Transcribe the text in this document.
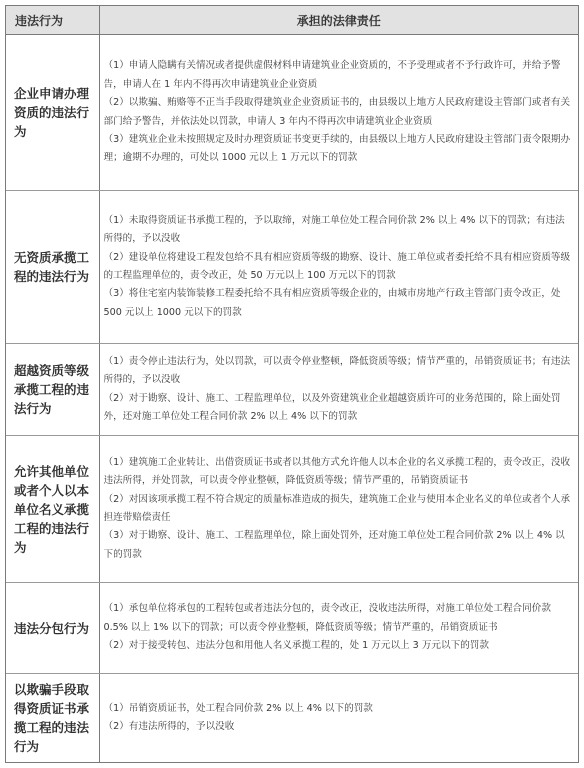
违法行为	承担的法律责任
企业申请办理资质的违法行为	（1）申请人隐瞒有关情况或者提供虚假材料申请建筑业企业资质的，不予受理或者不予行政许可，并给予警告，申请人在 1 年内不得再次申请建筑业企业资质
（2）以欺骗、贿赂等不正当手段取得建筑业企业资质证书的，由县级以上地方人民政府建设主管部门或者有关部门给予警告，并依法处以罚款，申请人 3 年内不得再次申请建筑业企业资质
（3）建筑业企业未按照规定及时办理资质证书变更手续的，由县级以上地方人民政府建设主管部门责令限期办理；逾期不办理的，可处以 1000 元以上 1 万元以下的罚款

无资质承揽工程的违法行为	（1）未取得资质证书承揽工程的，予以取缔，对施工单位处工程合同价款 2% 以上 4% 以下的罚款；有违法所得的，予以没收
（2）建设单位将建设工程发包给不具有相应资质等级的勘察、设计、施工单位或者委托给不具有相应资质等级的工程监理单位的，责令改正，处 50 万元以上 100 万元以下的罚款
（3）将住宅室内装饰装修工程委托给不具有相应资质等级企业的，由城市房地产行政主管部门责令改正，处 500 元以上 1000 元以下的罚款

超越资质等级承揽工程的违法行为	（1）责令停止违法行为，处以罚款，可以责令停业整顿，降低资质等级；情节严重的，吊销资质证书；有违法所得的，予以没收
（2）对于勘察、设计、施工、工程监理单位，以及外资建筑业企业超越资质许可的业务范围的，除上面处罚外，还对施工单位处工程合同价款 2% 以上 4% 以下的罚款

允许其他单位或者个人以本单位名义承揽工程的违法行为	（1）建筑施工企业转让、出借资质证书或者以其他方式允许他人以本企业的名义承揽工程的，责令改正，没收违法所得，并处罚款，可以责令停业整顿，降低资质等级；情节严重的，吊销资质证书
（2）对因该项承揽工程不符合规定的质量标准造成的损失，建筑施工企业与使用本企业名义的单位或者个人承担连带赔偿责任
（3）对于勘察、设计、施工、工程监理单位，除上面处罚外，还对施工单位处工程合同价款 2% 以上 4% 以下的罚款

违法分包行为	（1）承包单位将承包的工程转包或者违法分包的，责令改正，没收违法所得，对施工单位处工程合同价款 0.5% 以上 1% 以下的罚款；可以责令停业整顿，降低资质等级；情节严重的，吊销资质证书
（2）对于接受转包、违法分包和用他人名义承揽工程的，处 1 万元以上 3 万元以下的罚款

以欺骗手段取得资质证书承揽工程的违法行为	（1）吊销资质证书，处工程合同价款 2% 以上 4% 以下的罚款
（2）有违法所得的，予以没收
